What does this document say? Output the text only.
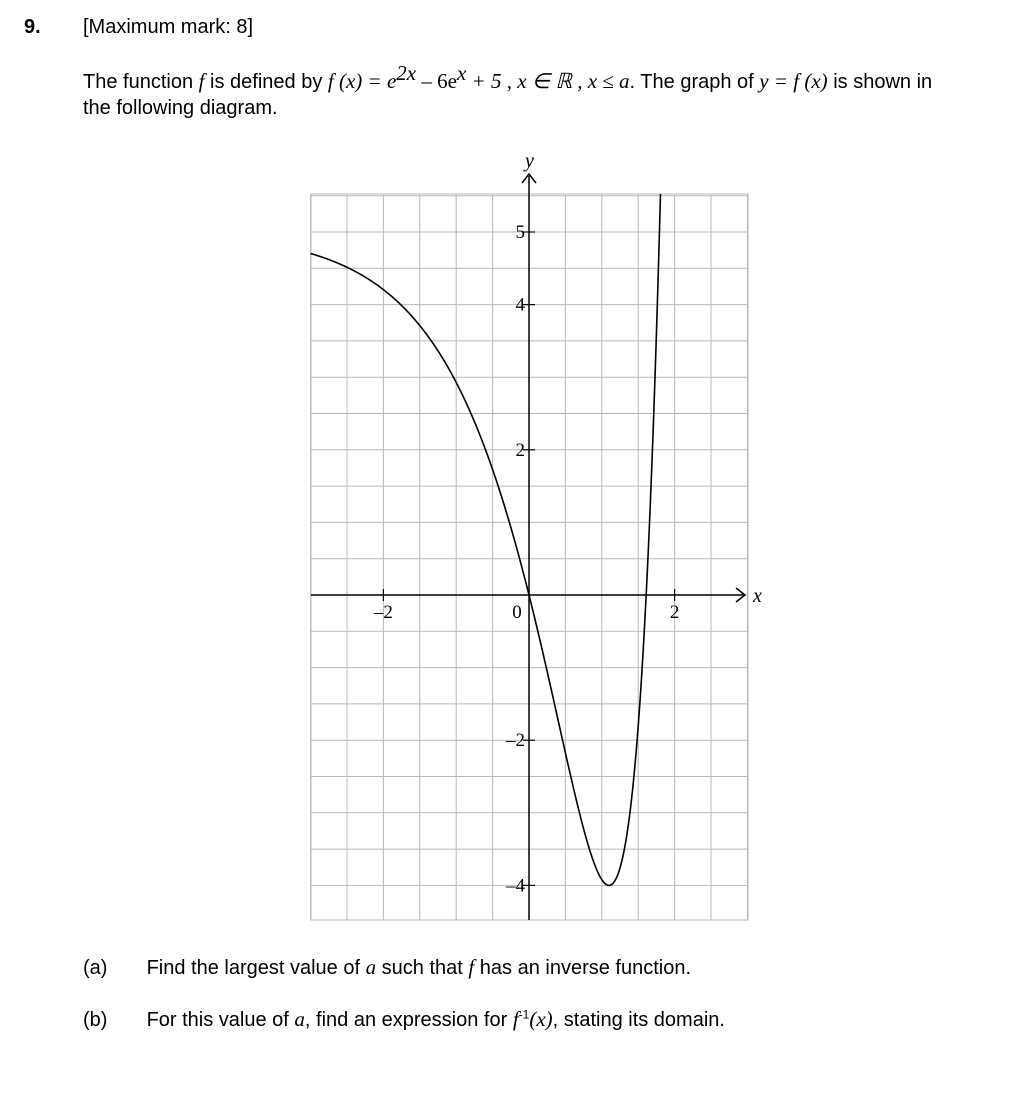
9. [Maximum mark: 8]
The function f is defined by f $(x) = e^{2x} - 6e^x + 5$ , x ∈ ℝ , x ≤ a. The graph of y = f (x) is shown in the following diagram.
–2	2
5
4
2
–2
–4
0
x
y
(a) Find the largest value of a such that f has an inverse function.
(b) For this value of a, find an expression for $f^{-1}(x)$, stating its domain.
